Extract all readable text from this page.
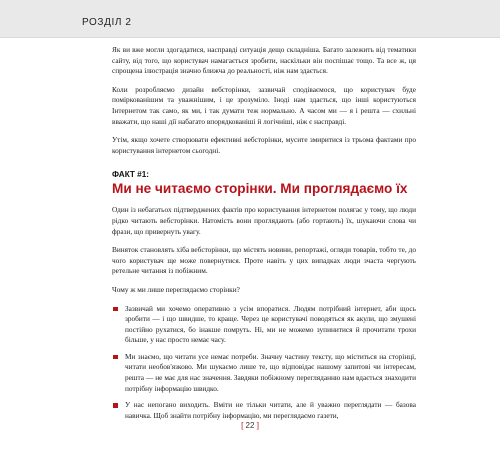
РОЗДІЛ 2

Як ви вже могли здогадатися, насправді ситуація дещо складніша. Багато залежить від тематики сайту, від того, що користувач намагається зробити, наскільки він поспішає тощо. Та все ж, ця спрощена ілюстрація значно ближча до реальності, ніж нам здається.

Коли розробляємо дизайн вебсторінки, зазвичай сподіваємося, що користувач буде поміркованішим та уважнішим, і це зрозуміло. Іноді нам здається, що інші користуються Інтернетом так само, як ми, і так думати теж нормально. А часом ми — я і решта — схильні вважати, що наші дії набагато впорядкованіші й логічніші, ніж є насправді.

Утім, якщо хочете створювати ефективні вебсторінки, мусите змиритися із трьома фактами про користування інтернетом сьогодні.

ФАКТ #1:
Ми не читаємо сторінки. Ми проглядаємо їх

Один із небагатьох підтверджених фактів про користування інтернетом полягає у тому, що люди рідко читають вебсторінки. Натомість вони проглядають (або гортають) їх, шукаючи слова чи фрази, що привернуть увагу.

Виняток становлять хіба вебсторінки, що містять новини, репортажі, огляди товарів, тобто те, до чого користувач ще може повернутися. Проте навіть у цих випадках люди зчаста чергують ретельне читання із побіжним.

Чому ж ми лише переглядаємо сторінки?

Зазвичай ми хочемо оперативно з усім впоратися. Людям потрібний інтернет, аби щось зробити — і що швидше, то краще. Через це користувачі поводяться як акули, що змушені постійно рухатися, бо інакше помруть. Ні, ми не можемо зупинитися й прочитати трохи більше, у нас просто немає часу.
Ми знаємо, що читати усе немає потреби. Значну частину тексту, що міститься на сторінці, читати необов'язково. Ми шукаємо лише те, що відповідає нашому запитові чи інтересам, решта — не має для нас значення. Завдяки побіжному перегляданню нам вдається знаходити потрібну інформацію швидко.
У нас непогано виходить. Вміти не тільки читати, але й уважно переглядати — базова навичка. Щоб знайти потрібну інформацію, ми переглядаємо газети,
[ 22 ]
